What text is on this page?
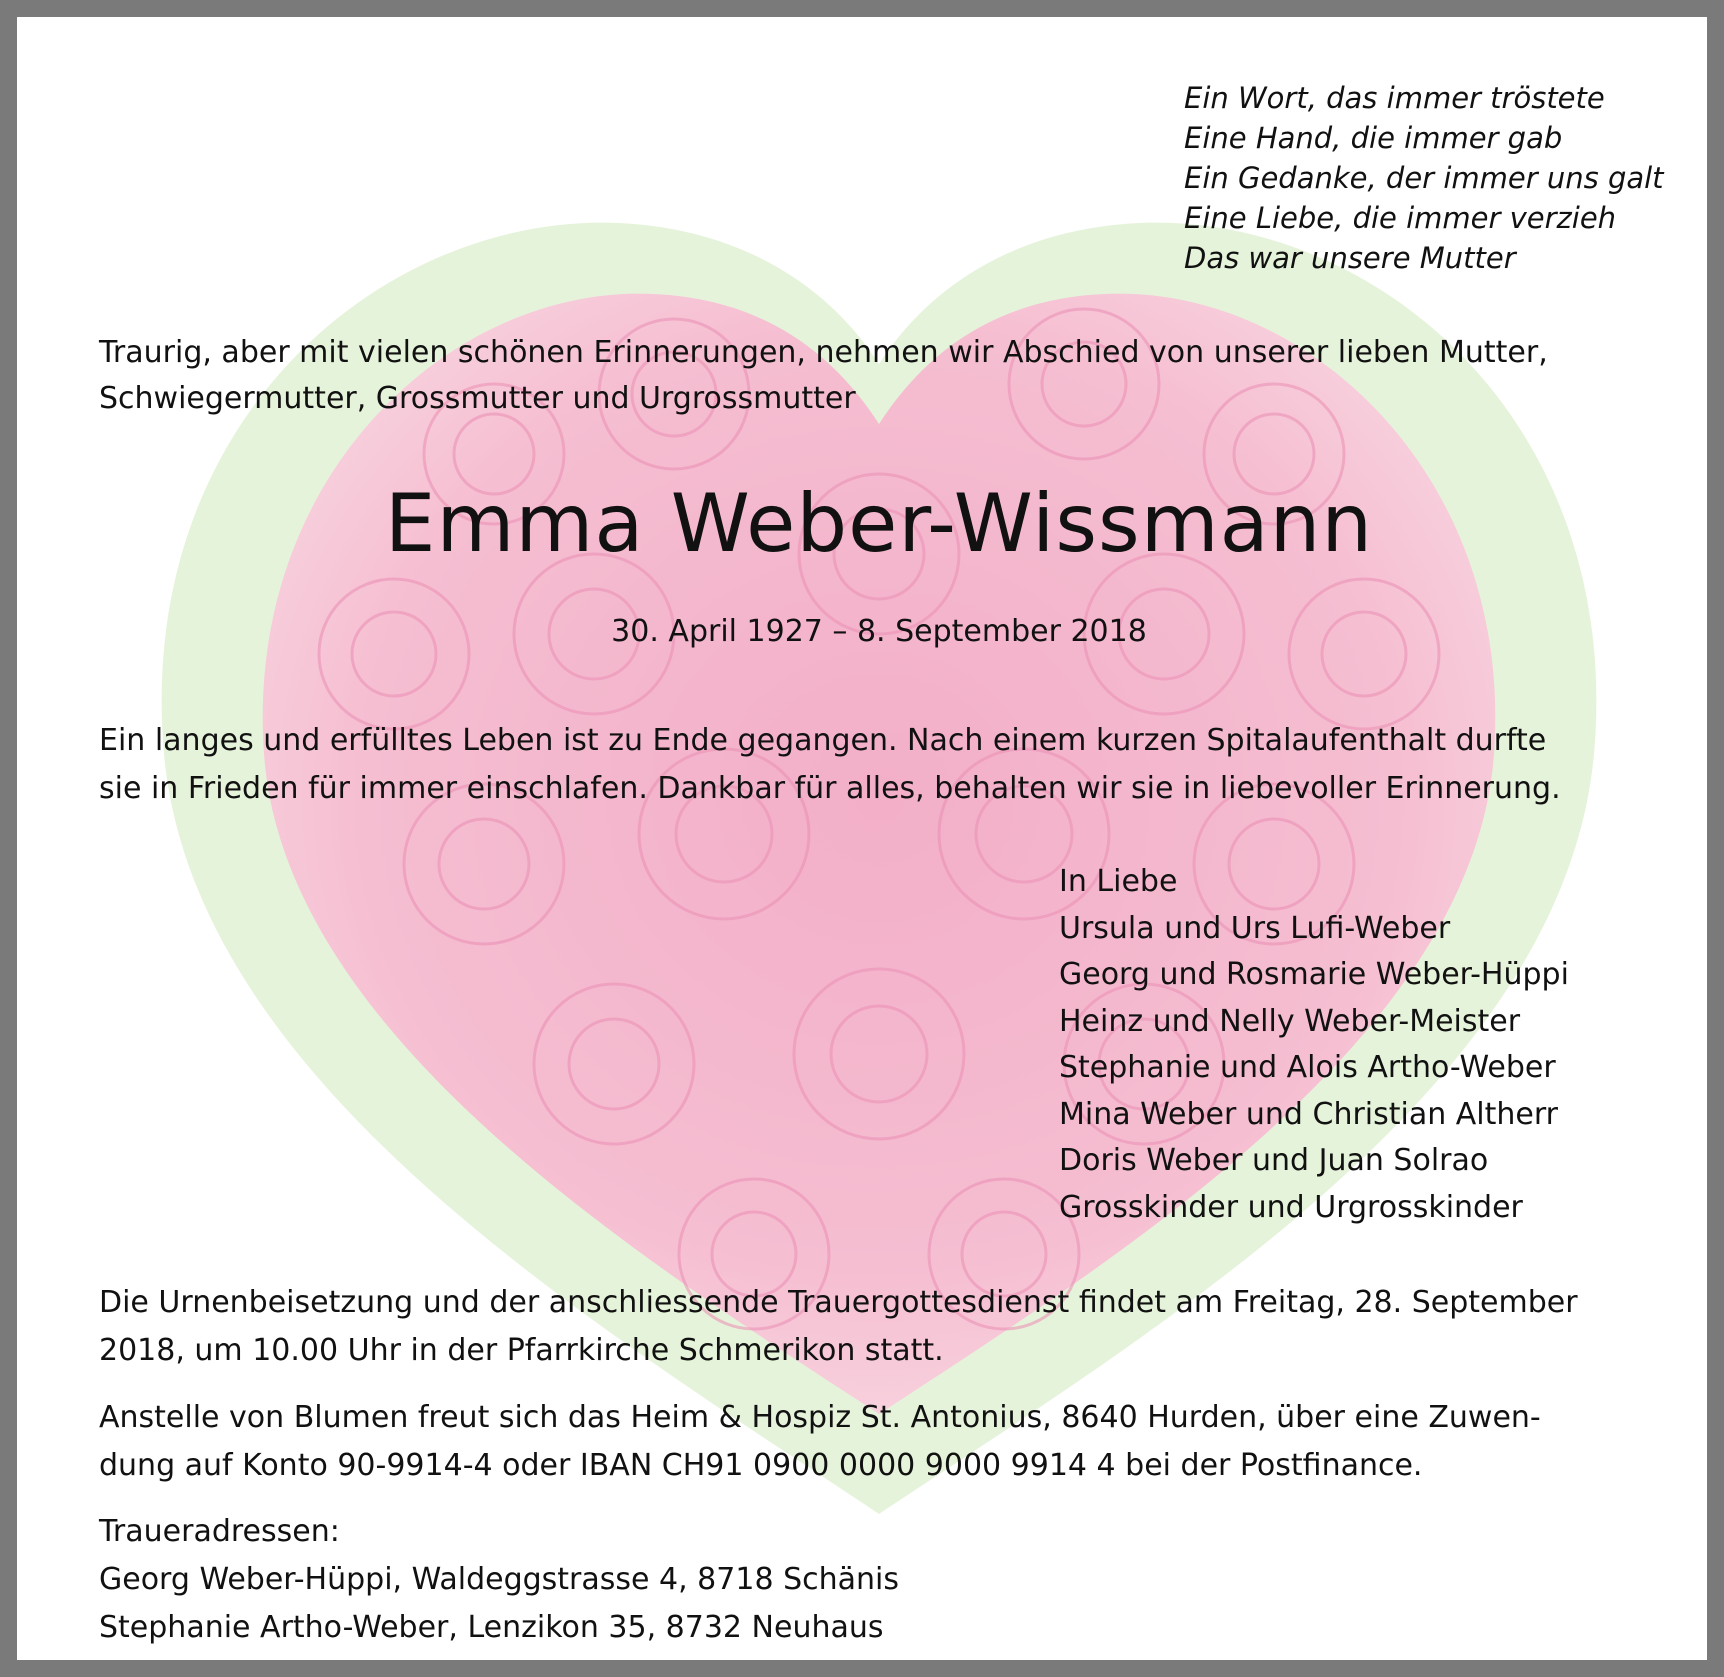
Ein Wort, das immer tröstete
Eine Hand, die immer gab
Ein Gedanke, der immer uns galt
Eine Liebe, die immer verzieh
Das war unsere Mutter
Traurig, aber mit vielen schönen Erinnerungen, nehmen wir Abschied von unserer lieben Mutter,
Schwiegermutter, Grossmutter und Urgrossmutter
Emma Weber-Wissmann
30. April 1927 – 8. September 2018
Ein langes und erfülltes Leben ist zu Ende gegangen. Nach einem kurzen Spitalaufenthalt durfte
sie in Frieden für immer einschlafen. Dankbar für alles, behalten wir sie in liebevoller Erinnerung.
In Liebe
Ursula und Urs Lufi-Weber
Georg und Rosmarie Weber-Hüppi
Heinz und Nelly Weber-Meister
Stephanie und Alois Artho-Weber
Mina Weber und Christian Altherr
Doris Weber und Juan Solrao
Grosskinder und Urgrosskinder
Die Urnenbeisetzung und der anschliessende Trauergottesdienst findet am Freitag, 28. September
2018, um 10.00 Uhr in der Pfarrkirche Schmerikon statt.
Anstelle von Blumen freut sich das Heim & Hospiz St. Antonius, 8640 Hurden, über eine Zuwen-
dung auf Konto 90-9914-4 oder IBAN CH91 0900 0000 9000 9914 4 bei der Postfinance.
Traueradressen:
Georg Weber-Hüppi, Waldeggstrasse 4, 8718 Schänis
Stephanie Artho-Weber, Lenzikon 35, 8732 Neuhaus
